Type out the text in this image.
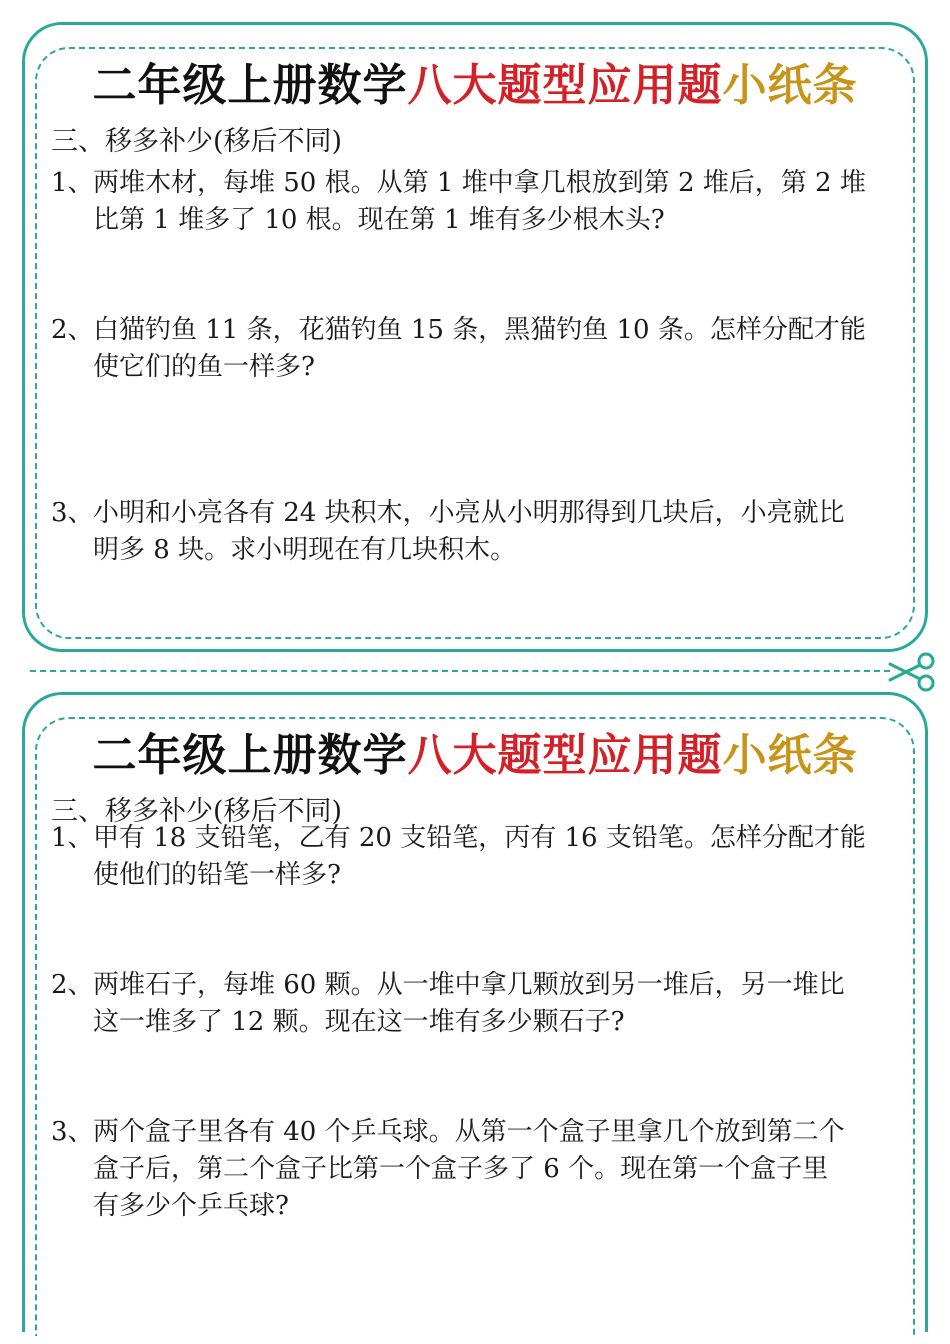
二年级上册数学八大题型应用题小纸条
三、移多补少(移后不同)
1、两堆木材，每堆 50 根。从第 1 堆中拿几根放到第 2 堆后，第 2 堆
比第 1 堆多了 10 根。现在第 1 堆有多少根木头?
2、白猫钓鱼 11 条，花猫钓鱼 15 条，黑猫钓鱼 10 条。怎样分配才能
使它们的鱼一样多?
3、小明和小亮各有 24 块积木，小亮从小明那得到几块后，小亮就比
明多 8 块。求小明现在有几块积木。
二年级上册数学八大题型应用题小纸条
三、移多补少(移后不同)
1、甲有 18 支铅笔，乙有 20 支铅笔，丙有 16 支铅笔。怎样分配才能
使他们的铅笔一样多?
2、两堆石子，每堆 60 颗。从一堆中拿几颗放到另一堆后，另一堆比
这一堆多了 12 颗。现在这一堆有多少颗石子?
3、两个盒子里各有 40 个乒乓球。从第一个盒子里拿几个放到第二个
盒子后，第二个盒子比第一个盒子多了 6 个。现在第一个盒子里
有多少个乒乓球?
